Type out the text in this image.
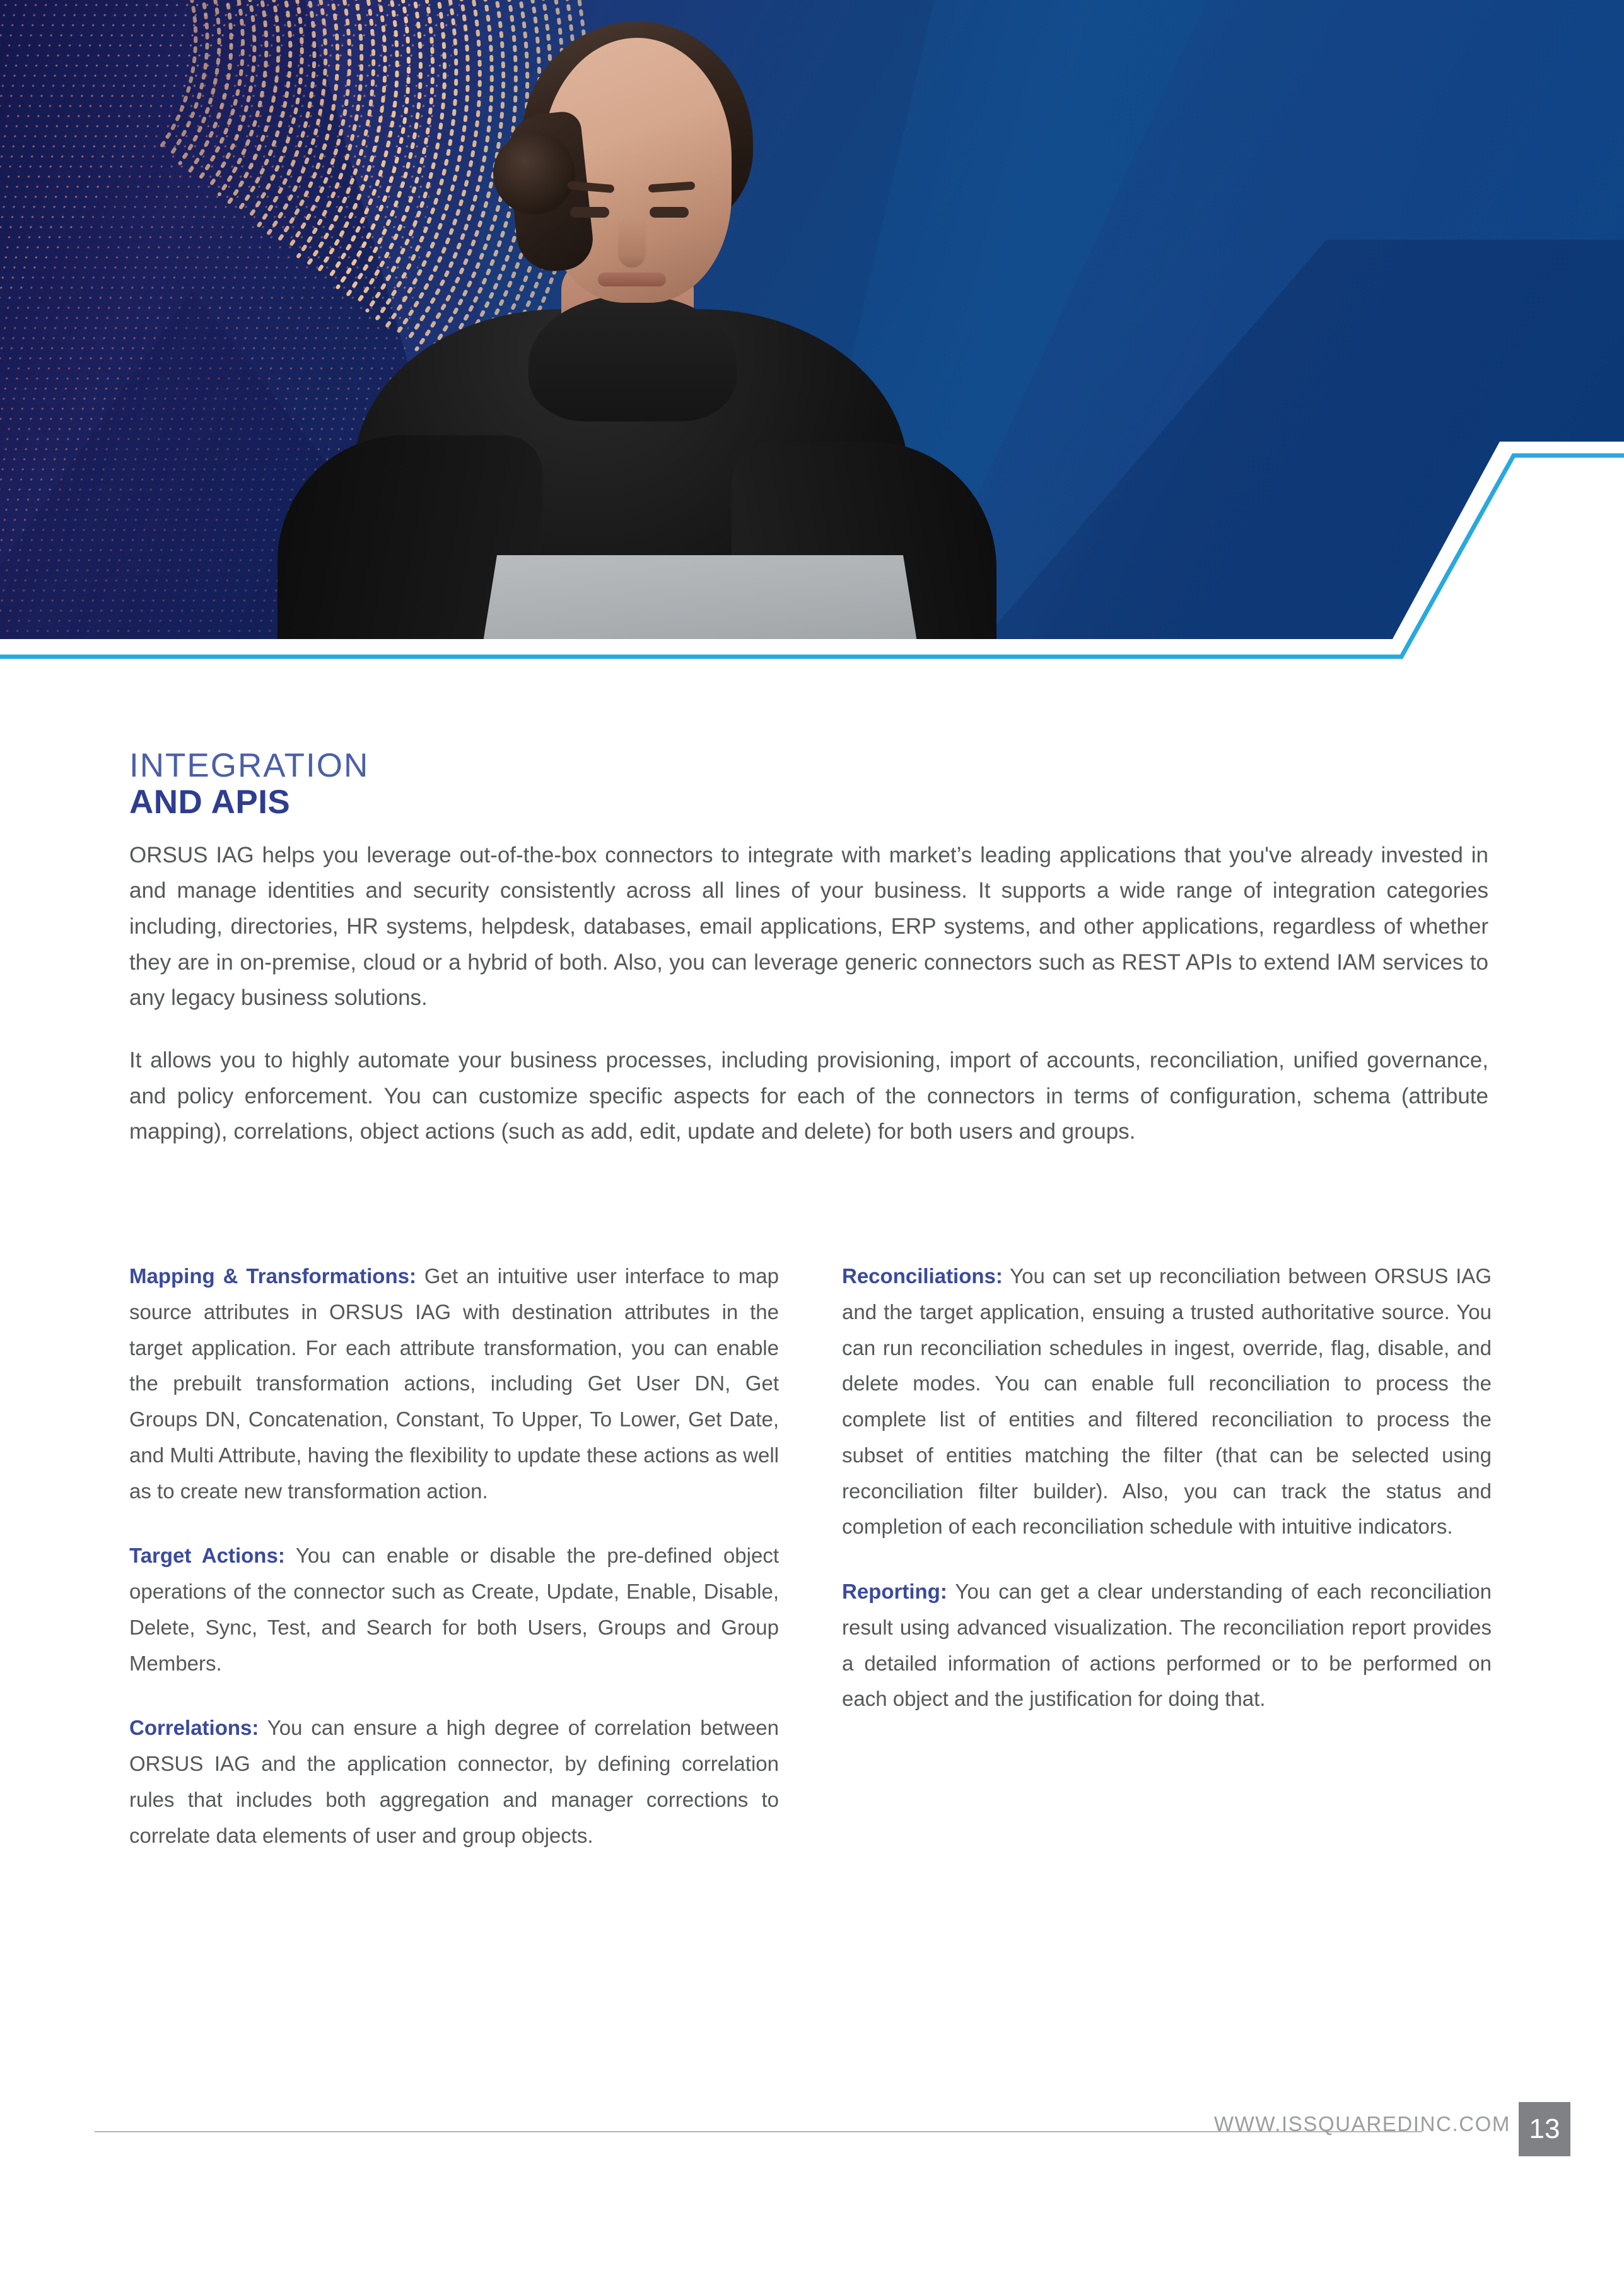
INTEGRATION
AND APIS

ORSUS IAG helps you leverage out-of-the-box connectors to integrate with market’s leading applications that you've already invested in and manage identities and security consistently across all lines of your business. It supports a wide range of integration categories including, directories, HR systems, helpdesk, databases, email applications, ERP systems, and other applications, regardless of whether they are in on-premise, cloud or a hybrid of both. Also, you can leverage generic connectors such as REST APIs to extend IAM services to any legacy business solutions.

It allows you to highly automate your business processes, including provisioning, import of accounts, reconciliation, unified governance, and policy enforcement. You can customize specific aspects for each of the connectors in terms of configuration, schema (attribute mapping), correlations, object actions (such as add, edit, update and delete) for both users and groups.

Mapping & Transformations: Get an intuitive user interface to map source attributes in ORSUS IAG with destination attributes in the target application. For each attribute transformation, you can enable the prebuilt transformation actions, including Get User DN, Get Groups DN, Concatenation, Constant, To Upper, To Lower, Get Date, and Multi Attribute, having the flexibility to update these actions as well as to create new transformation action.

Target Actions: You can enable or disable the pre-defined object operations of the connector such as Create, Update, Enable, Disable, Delete, Sync, Test, and Search for both Users, Groups and Group Members.

Correlations: You can ensure a high degree of correlation between ORSUS IAG and the application connector, by defining correlation rules that includes both aggregation and manager corrections to correlate data elements of user and group objects.

Reconciliations: You can set up reconciliation between ORSUS IAG and the target application, ensuing a trusted authoritative source. You can run reconciliation schedules in ingest, override, flag, disable, and delete modes. You can enable full reconciliation to process the complete list of entities and filtered reconciliation to process the subset of entities matching the filter (that can be selected using reconciliation filter builder). Also, you can track the status and completion of each reconciliation schedule with intuitive indicators.

Reporting: You can get a clear understanding of each reconciliation result using advanced visualization. The reconciliation report provides a detailed information of actions performed or to be performed on each object and the justification for doing that.

WWW.ISSQUAREDINC.COM 13
